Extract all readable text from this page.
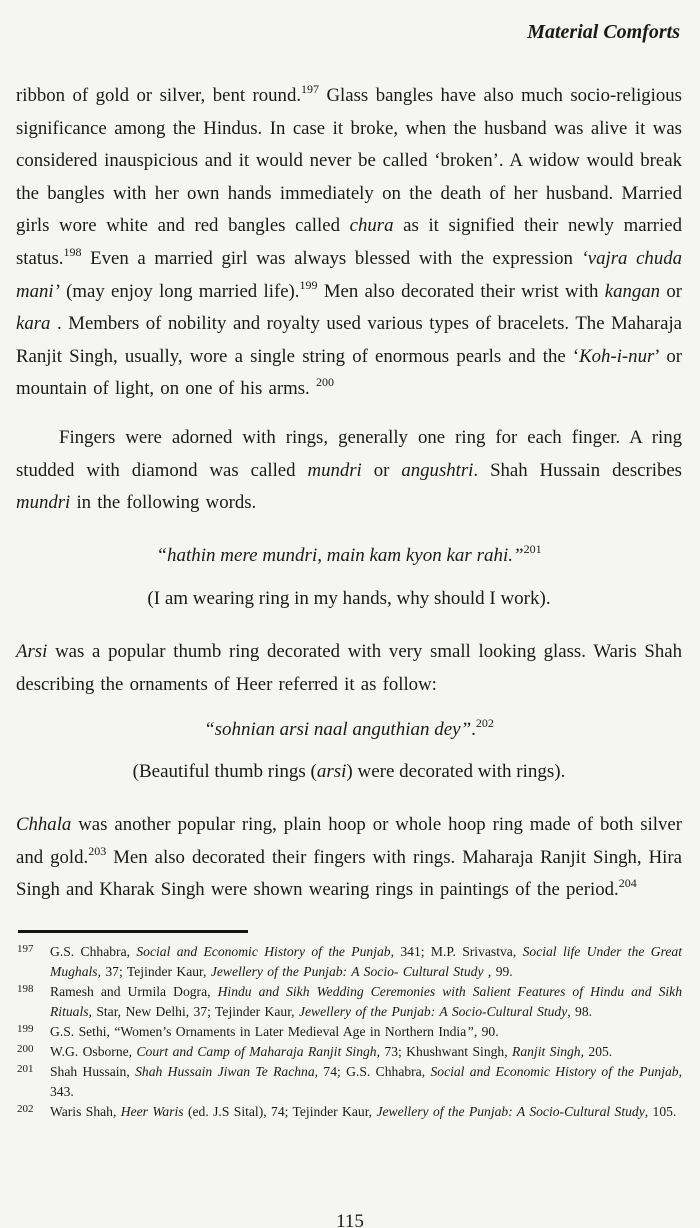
Material Comforts

ribbon of gold or silver, bent round.$^{197}$ Glass bangles have also much socio-religious significance among the Hindus. In case it broke, when the husband was alive it was considered inauspicious and it would never be called ‘broken’. A widow would break the bangles with her own hands immediately on the death of her husband. Married girls wore white and red bangles called chura as it signified their newly married status.$^{198}$ Even a married girl was always blessed with the expression ‘vajra chuda mani’ (may enjoy long married life).$^{199}$ Men also decorated their wrist with kangan or kara . Members of nobility and royalty used various types of bracelets. The Maharaja Ranjit Singh, usually, wore a single string of enormous pearls and the ‘Koh-i-nur’ or mountain of light, on one of his arms. $^{200}$

Fingers were adorned with rings, generally one ring for each finger. A ring studded with diamond was called mundri or angushtri. Shah Hussain describes mundri in the following words.

“hathin mere mundri, main kam kyon kar rahi.”$^{201}$

(I am wearing ring in my hands, why should I work).

Arsi was a popular thumb ring decorated with very small looking glass. Waris Shah describing the ornaments of Heer referred it as follow:

“sohnian arsi naal anguthian dey”.$^{202}$

(Beautiful thumb rings (arsi) were decorated with rings).

Chhala was another popular ring, plain hoop or whole hoop ring made of both silver and gold.$^{203}$ Men also decorated their fingers with rings. Maharaja Ranjit Singh, Hira Singh and Kharak Singh were shown wearing rings in paintings of the period.$^{204}$

197 G.S. Chhabra, Social and Economic History of the Punjab, 341; M.P. Srivastva, Social life Under the Great Mughals, 37; Tejinder Kaur, Jewellery of the Punjab: A Socio- Cultural Study , 99.
198 Ramesh and Urmila Dogra, Hindu and Sikh Wedding Ceremonies with Salient Features of Hindu and Sikh Rituals, Star, New Delhi, 37; Tejinder Kaur, Jewellery of the Punjab: A Socio-Cultural Study, 98.
199 G.S. Sethi, “Women’s Ornaments in Later Medieval Age in Northern India”, 90.
200 W.G. Osborne, Court and Camp of Maharaja Ranjit Singh, 73; Khushwant Singh, Ranjit Singh, 205.
201 Shah Hussain, Shah Hussain Jiwan Te Rachna, 74; G.S. Chhabra, Social and Economic History of the Punjab, 343.
202 Waris Shah, Heer Waris (ed. J.S Sital), 74; Tejinder Kaur, Jewellery of the Punjab: A Socio-Cultural Study, 105.
115
